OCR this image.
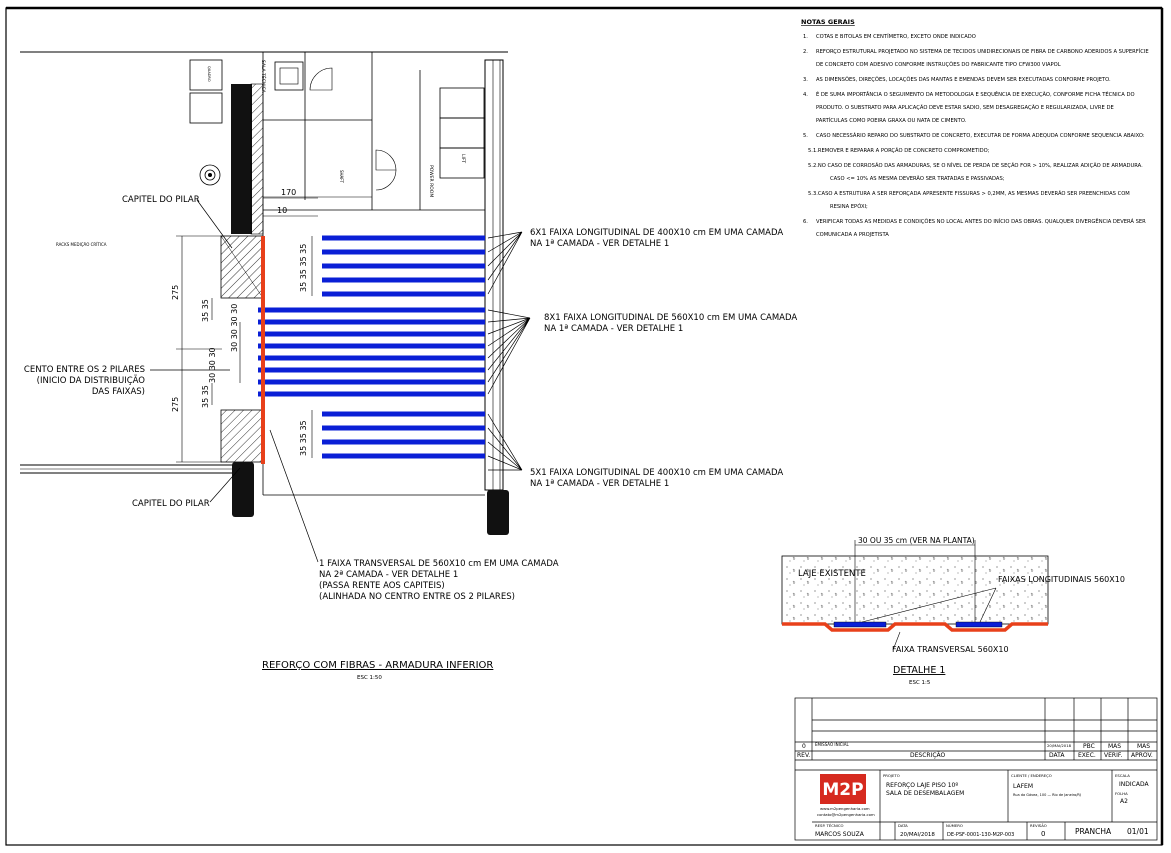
LIFT
SALA TÉCNICA
QUADRO
POWER ROOM
SHAFT
RACKS MEDIÇÃO CRÍTICA
170
10
275
275
35 35
35 35
30 30 30 30
30 30 30
35 35 35 35
35 35 35
CAPITEL DO PILAR
CAPITEL DO PILAR
CENTO ENTRE OS 2 PILARES (INICIO DA DISTRIBUIÇÃO DAS FAIXAS)
6X1 FAIXA LONGITUDINAL DE 400X10 cm EM UMA CAMADA NA 1ª CAMADA - VER DETALHE 1
8X1 FAIXA LONGITUDINAL DE 560X10 cm EM UMA CAMADA NA 1ª CAMADA - VER DETALHE 1
5X1 FAIXA LONGITUDINAL DE 400X10 cm EM UMA CAMADA NA 1ª CAMADA - VER DETALHE 1
1 FAIXA TRANSVERSAL DE 560X10 cm EM UMA CAMADA NA 2ª CAMADA - VER DETALHE 1 (PASSA RENTE AOS CAPITEIS) (ALINHADA NO CENTRO ENTRE OS 2 PILARES)
REFORÇO COM FIBRAS - ARMADURA INFERIOR
ESC 1:50
NOTAS GERAIS
1. COTAS E BITOLAS EM CENTÍMETRO, EXCETO ONDE INDICADO
2. REFORÇO ESTRUTURAL PROJETADO NO SISTEMA DE TECIDOS UNIDIRECIONAIS DE FIBRA DE CARBONO ADERIDOS A SUPERFÍCIE
DE CONCRETO COM ADESIVO CONFORME INSTRUÇÕES DO FABRICANTE TIPO CFW300 VIAPOL
3. AS DIMENSÕES, DIREÇÕES, LOCAÇÕES DAS MANTAS E EMENDAS DEVEM SER EXECUTADAS CONFORME PROJETO.
4. É DE SUMA IMPORTÂNCIA O SEGUIMENTO DA METODOLOGIA E SEQUÊNCIA DE EXECUÇÃO, CONFORME FICHA TÉCNICA DO
PRODUTO. O SUBSTRATO PARA APLICAÇÃO DEVE ESTAR SADIO, SEM DESAGREGAÇÃO E REGULARIZADA, LIVRE DE
PARTÍCULAS COMO POEIRA GRAXA OU NATA DE CIMENTO.
5. CASO NECESSÁRIO REPARO DO SUBSTRATO DE CONCRETO, EXECUTAR DE FORMA ADEQUDA CONFORME SEQUENCIA ABAIXO:
5.1.REMOVER E REPARAR A PORÇÃO DE CONCRETO COMPROMETIDO;
5.2.NO CASO DE CORROSÃO DAS ARMADURAS, SE O NÍVEL DE PERDA DE SEÇÃO FOR > 10%, REALIZAR ADIÇÃO DE ARMADURA.
CASO <= 10% AS MESMA DEVERÃO SER TRATADAS E PASSIVADAS;
5.3.CASO A ESTRUTURA A SER REFORÇADA APRESENTE FISSURAS > 0,2MM, AS MESMAS DEVERÃO SER PREENCHIDAS COM
RESINA EPÓXI;
6. VERIFICAR TODAS AS MEDIDAS E CONDIÇÕES NO LOCAL ANTES DO INÍCIO DAS OBRAS. QUALQUER DIVERGÊNCIA DEVERÁ SER
COMUNICADA A PROJETISTA
30 OU 35 cm (VER NA PLANTA)
LAJE EXISTENTE
FAIXAS LONGITUDINAIS 560X10
FAIXA TRANSVERSAL 560X10
DETALHE 1
ESC 1:5
0 EMISSÃO INICIAL	20/MAI/2018 PBC MAS	MAS
REV.	DESCRIÇÃO	DATA EXEC. VERIF. APROV.
M2P
www.m2pengenharia.com
contato@m2pengenharia.com
PROJETO
REFORÇO LAJE PISO 10º
SALA DE DESEMBALAGEM
CLIENTE / ENDEREÇO
LAFEM
Rua da Gávea, 100 — Rio de Janeiro/RJ
ESCALA
INDICADA
FOLHA
A2
RESP. TÉCNICO
MARCOS SOUZA
DATA
20/MAI/2018
NÚMERO
DE-PSF-0001-130-M2P-003
REVISÃO
0	PRANCHA 01/01
